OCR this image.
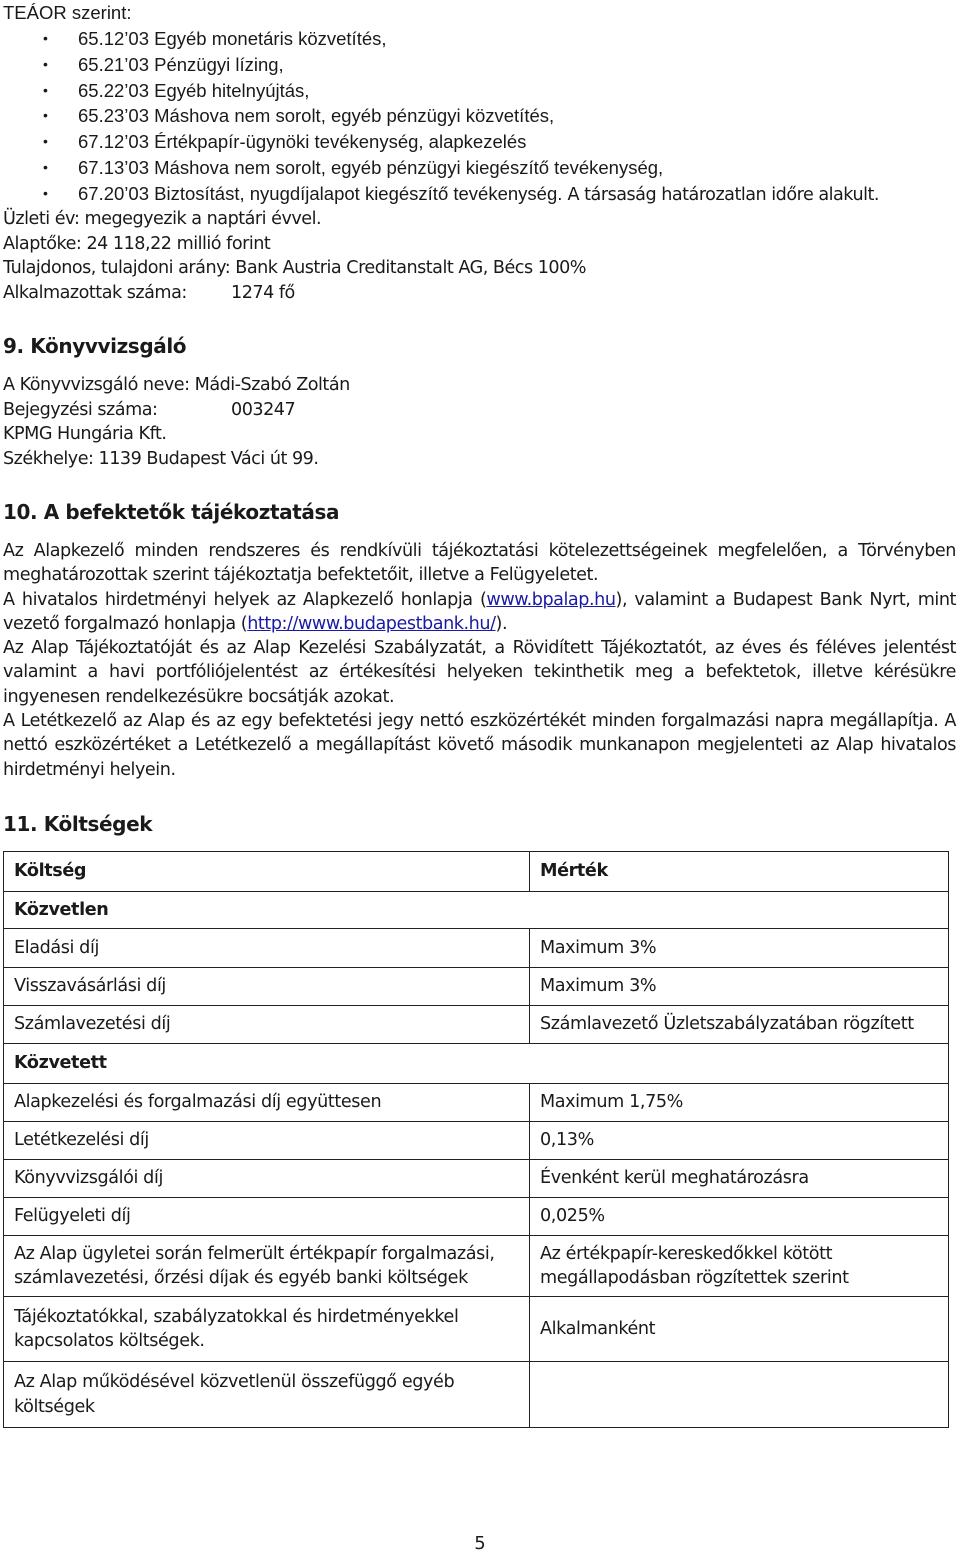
TEÁOR szerint:
• 65.12’03 Egyéb monetáris közvetítés,
• 65.21’03 Pénzügyi lízing,
• 65.22’03 Egyéb hitelnyújtás,
• 65.23’03 Máshova nem sorolt, egyéb pénzügyi közvetítés,
• 67.12’03 Értékpapír-ügynöki tevékenység, alapkezelés
• 67.13’03 Máshova nem sorolt, egyéb pénzügyi kiegészítő tevékenység,
• 67.20’03 Biztosítást, nyugdíjalapot kiegészítő tevékenység. A társaság határozatlan időre alakult.
Üzleti év: megegyezik a naptári évvel.
Alaptőke: 24 118,22 millió forint
Tulajdonos, tulajdoni arány: Bank Austria Creditanstalt AG, Bécs 100%
Alkalmazottak száma:	1274 fő
9. Könyvvizsgáló
A Könyvvizsgáló neve: Mádi-Szabó Zoltán
Bejegyzési száma:	003247
KPMG Hungária Kft.
Székhelye: 1139 Budapest Váci út 99.
10. A befektetők tájékoztatása

Az Alapkezelő minden rendszeres és rendkívüli tájékoztatási kötelezettségeinek megfelelően, a Törvényben meghatározottak szerint tájékoztatja befektetőit, illetve a Felügyeletet.

A hivatalos hirdetményi helyek az Alapkezelő honlapja (www.bpalap.hu), valamint a Budapest Bank Nyrt, mint vezető forgalmazó honlapja (http://www.budapestbank.hu/).

Az Alap Tájékoztatóját és az Alap Kezelési Szabályzatát, a Rövidített Tájékoztatót, az éves és féléves jelentést valamint a havi portfóliójelentést az értékesítési helyeken tekinthetik meg a befektetok, illetve kérésükre ingyenesen rendelkezésükre bocsátják azokat.

A Letétkezelő az Alap és az egy befektetési jegy nettó eszközértékét minden forgalmazási napra megállapítja. A nettó eszközértéket a Letétkezelő a megállapítást követő második munkanapon megjelenteti az Alap hivatalos hirdetményi helyein.

11. Költségek
Költség	Mérték
Közvetlen	
Eladási díj	Maximum 3%
Visszavásárlási díj	Maximum 3%
Számlavezetési díj	Számlavezető Üzletszabályzatában rögzített
Közvetett	
Alapkezelési és forgalmazási díj együttesen	Maximum 1,75%
Letétkezelési díj	0,13%
Könyvvizsgálói díj	Évenként kerül meghatározásra
Felügyeleti díj	0,025%
Az Alap ügyletei során felmerült értékpapír forgalmazási, számlavezetési, őrzési díjak és egyéb banki költségek	Az értékpapír-kereskedőkkel kötött megállapodásban rögzítettek szerint
Tájékoztatókkal, szabályzatokkal és hirdetményekkel kapcsolatos költségek.	Alkalmanként
Az Alap működésével közvetlenül összefüggő egyéb költségek	
5
